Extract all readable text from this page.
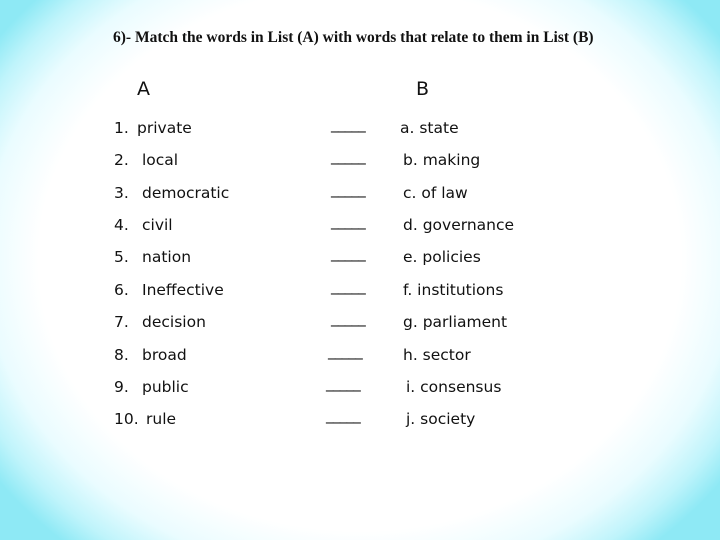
6)- Match the words in List (A) with words that relate to them in List (B)
A	B
1. private	_____ a. state
2. local	_____ b. making
3. democratic	_____ c. of law
4. civil	_____ d. governance
5. nation	_____ e. policies
6. Ineffective	_____ f. institutions
7. decision	_____ g. parliament
8. broad	_____	h. sector
9. public	_____	i. consensus
10. rule	_____	j. society
